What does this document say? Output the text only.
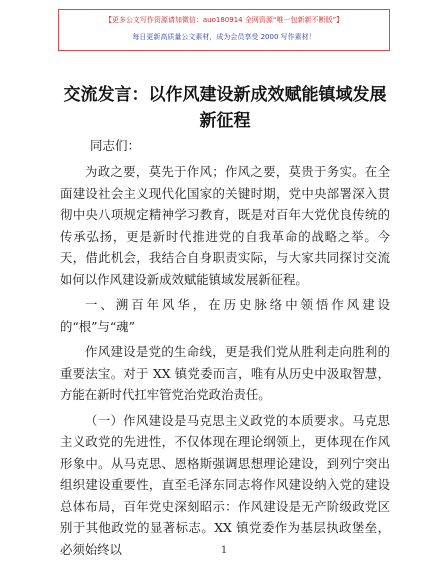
【更多公文写作资源请加微信：auo180914 全网资源“唯一包新新不断版”】
每日更新高质量公文素材，成为会员享受 2000 写作素材！
交流发言：以作风建设新成效赋能镇域发展新征程
同志们：

为政之要，莫先于作风；作风之要，莫贵于务实。在全面建设社会主义现代化国家的关键时期，党中央部署深入贯彻中央八项规定精神学习教育，既是对百年大党优良传统的传承弘扬，更是新时代推进党的自我革命的战略之举。今天，借此机会，我结合自身职责实际，与大家共同探讨交流如何以作风建设新成效赋能镇域发展新征程。

一、溯百年风华，在历史脉络中领悟作风建设的“根”与“魂”

作风建设是党的生命线，更是我们党从胜利走向胜利的重要法宝。对于 XX 镇党委而言，唯有从历史中汲取智慧，方能在新时代扛牢管党治党政治责任。

（一）作风建设是马克思主义政党的本质要求。马克思主义政党的先进性，不仅体现在理论纲领上，更体现在作风形象中。从马克思、恩格斯强调思想理论建设，到列宁突出组织建设重要性，直至毛泽东同志将作风建设纳入党的建设总体布局，百年党史深刻昭示：作风建设是无产阶级政党区别于其他政党的显著标志。XX 镇党委作为基层执政堡垒，必须始终以	1
